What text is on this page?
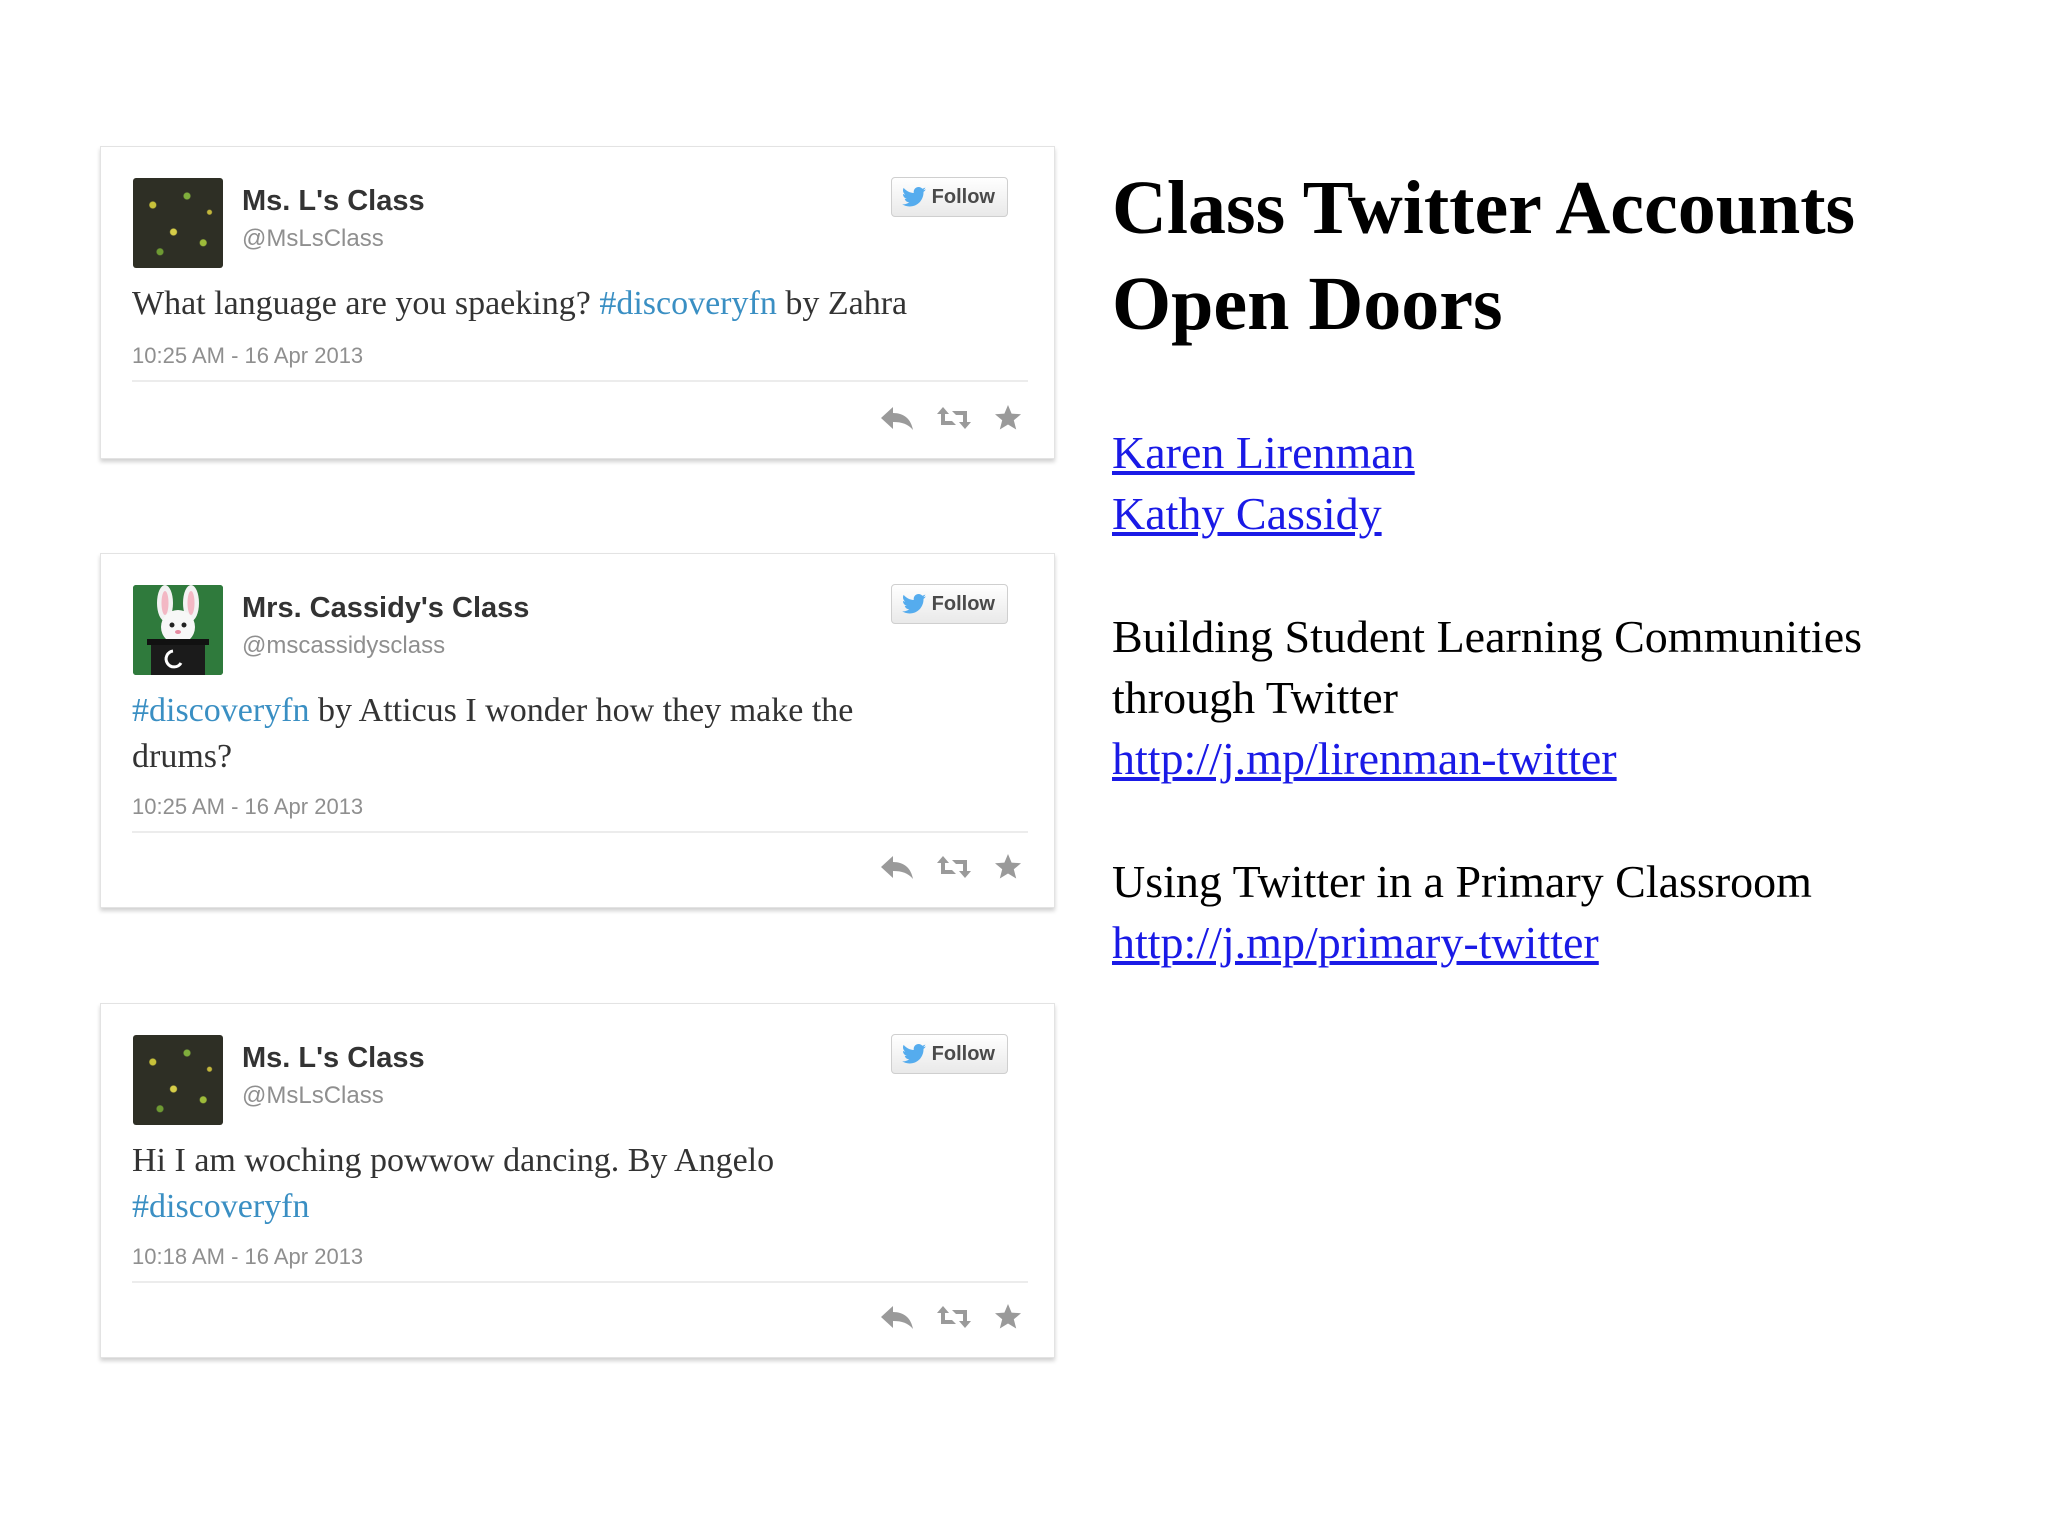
Ms. L's Class
@MsLsClass
Follow
What language are you spaeking? #discoveryfn by Zahra
10:25 AM - 16 Apr 2013
Mrs. Cassidy's Class
@mscassidysclass
Follow
#discoveryfn by Atticus I wonder how they make the drums?
10:25 AM - 16 Apr 2013
Ms. L's Class
@MsLsClass
Follow
Hi I am woching powwow dancing. By Angelo #discoveryfn
10:18 AM - 16 Apr 2013
Class Twitter Accounts
Open Doors
Karen Lirenman
Kathy Cassidy
Building Student Learning Communities
through Twitter
http://j.mp/lirenman-twitter
Using Twitter in a Primary Classroom
http://j.mp/primary-twitter
